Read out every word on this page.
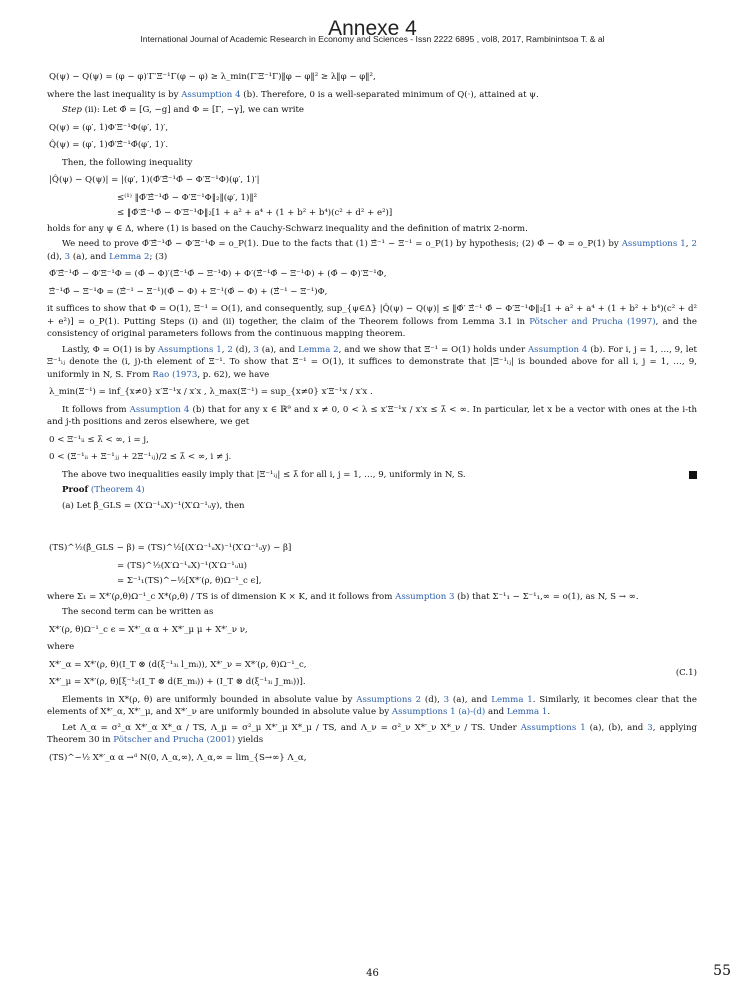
Annexe 4
International Journal of Academic Research in Economy and Sciences - Issn 2222 6895 , vol8, 2017, Rambinintsoa T. & al
Q(ψ) − Q(ψ) = (φ − φ)′Γ′Ξ⁻¹Γ(φ − φ) ≥ λ_min(Γ′Ξ⁻¹Γ)‖φ − φ‖² ≥ λ‖φ − φ‖²,

where the last inequality is by Assumption 4 (b). Therefore, 0 is a well-separated minimum of Q(·), attained at ψ.

Step (ii): Let Φ̂ = [G, −g] and Φ = [Γ, −γ], we can write

Q(ψ) = (φ′, 1)Φ′Ξ⁻¹Φ(φ′, 1)′,
Q̂(ψ) = (φ′, 1)Φ̂′Ξ̂⁻¹Φ̂(φ′, 1)′.

Then, the following inequality

|Q̂(ψ) − Q(ψ)| = |(φ′, 1)(Φ̂′Ξ̂⁻¹Φ̂ − Φ′Ξ⁻¹Φ)(φ′, 1)′|
≤⁽¹⁾ ‖Φ̂′Ξ̂⁻¹Φ̂ − Φ′Ξ⁻¹Φ‖₂‖(φ′, 1)‖²
≤ ‖Φ̂′Ξ̂⁻¹Φ̂ − Φ′Ξ⁻¹Φ‖₂[1 + a² + a⁴ + (1 + b² + b⁴)(c² + d² + e²)]

holds for any ψ ∈ Δ, where (1) is based on the Cauchy-Schwarz inequality and the definition of matrix 2-norm.

We need to prove Φ̂′Ξ̂⁻¹Φ̂ − Φ′Ξ⁻¹Φ = o_P(1). Due to the facts that (1) Ξ̂⁻¹ − Ξ⁻¹ = o_P(1) by hypothesis; (2) Φ̂ − Φ = o_P(1) by Assumptions 1, 2 (d), 3 (a), and Lemma 2; (3)

Φ̂′Ξ̂⁻¹Φ̂ − Φ′Ξ⁻¹Φ = (Φ̂ − Φ)′(Ξ̂⁻¹Φ̂ − Ξ⁻¹Φ) + Φ′(Ξ̂⁻¹Φ̂ − Ξ⁻¹Φ) + (Φ̂ − Φ)′Ξ⁻¹Φ,
Ξ̂⁻¹Φ̂ − Ξ⁻¹Φ = (Ξ̂⁻¹ − Ξ⁻¹)(Φ̂ − Φ) + Ξ⁻¹(Φ̂ − Φ) + (Ξ̂⁻¹ − Ξ⁻¹)Φ,

it suffices to show that Φ = O(1), Ξ⁻¹ = O(1), and consequently, sup_{ψ∈Δ} |Q̂(ψ) − Q(ψ)| ≤ ‖Φ̂′ Ξ̂⁻¹ Φ̂ − Φ′Ξ⁻¹Φ‖₂[1 + a² + a⁴ + (1 + b² + b⁴)(c² + d² + e²)] = o_P(1). Putting Steps (i) and (ii) together, the claim of the Theorem follows from Lemma 3.1 in Pötscher and Prucha (1997), and the consistency of original parameters follows from the continuous mapping theorem.

Lastly, Φ = O(1) is by Assumptions 1, 2 (d), 3 (a), and Lemma 2, and we show that Ξ⁻¹ = O(1) holds under Assumption 4 (b). For i, j = 1, …, 9, let Ξ⁻¹ᵢⱼ denote the (i, j)-th element of Ξ⁻¹. To show that Ξ⁻¹ = O(1), it suffices to demonstrate that |Ξ⁻¹ᵢⱼ| is bounded above for all i, j = 1, …, 9, uniformly in N, S. From Rao (1973, p. 62), we have

λ_min(Ξ⁻¹) = inf_{x≠0} x′Ξ⁻¹x / x′x , λ_max(Ξ⁻¹) = sup_{x≠0} x′Ξ⁻¹x / x′x .

It follows from Assumption 4 (b) that for any x ∈ ℝ⁹ and x ≠ 0, 0 < λ ≤ x′Ξ⁻¹x / x′x ≤ λ̄ < ∞. In particular, let x be a vector with ones at the i-th and j-th positions and zeros elsewhere, we get

0 < Ξ⁻¹ᵢᵢ ≤ λ̄ < ∞, i = j,
0 < (Ξ⁻¹ᵢᵢ + Ξ⁻¹ⱼⱼ + 2Ξ⁻¹ᵢⱼ)/2 ≤ λ̄ < ∞, i ≠ j.

The above two inequalities easily imply that |Ξ⁻¹ᵢⱼ| ≤ λ̄ for all i, j = 1, …, 9, uniformly in N, S.

Proof (Theorem 4)

(a) Let β̂_GLS = (X′Ω⁻¹ᵤX)⁻¹(X′Ω⁻¹ᵤy), then

(TS)^½(β̂_GLS − β) = (TS)^½[(X′Ω⁻¹ᵤX)⁻¹(X′Ω⁻¹ᵤy) − β]
= (TS)^½(X′Ω⁻¹ᵤX)⁻¹(X′Ω⁻¹ᵤu)
= Σ⁻¹₁(TS)^−½[X*′(ρ, θ)Ω⁻¹_c ϵ],

where Σ₁ = X*′(ρ,θ)Ω⁻¹_c X*(ρ,θ) / TS is of dimension K × K, and it follows from Assumption 3 (b) that Σ⁻¹₁ − Σ⁻¹₁,∞ = o(1), as N, S → ∞.

The second term can be written as

X*′(ρ, θ)Ω⁻¹_c ϵ = X*′_α α + X*′_μ μ + X*′_ν ν,

where

X*′_α = X*′(ρ, θ)(I_T ⊗ (d(ξ⁻¹₃ᵢ l_mᵢ)), X*′_ν = X*′(ρ, θ)Ω⁻¹_c,
X*′_μ = X*′(ρ, θ)[ξ⁻¹₂(I_T ⊗ d(E_mᵢ)) + (I_T ⊗ d(ξ⁻¹₃ᵢ J_mᵢ))].
(C.1)

Elements in X*(ρ, θ) are uniformly bounded in absolute value by Assumptions 2 (d), 3 (a), and Lemma 1. Similarly, it becomes clear that the elements of X*′_α, X*′_μ, and X*′_ν are uniformly bounded in absolute value by Assumptions 1 (a)-(d) and Lemma 1.

Let Λ_α = σ²_α X*′_α X*_α / TS, Λ_μ = σ²_μ X*′_μ X*_μ / TS, and Λ_ν = σ²_ν X*′_ν X*_ν / TS. Under Assumptions 1 (a), (b), and 3, applying Theorem 30 in Pötscher and Prucha (2001) yields

(TS)^−½ X*′_α α →ᵈ N(0, Λ_α,∞), Λ_α,∞ = lim_{S→∞} Λ_α,
46	55
